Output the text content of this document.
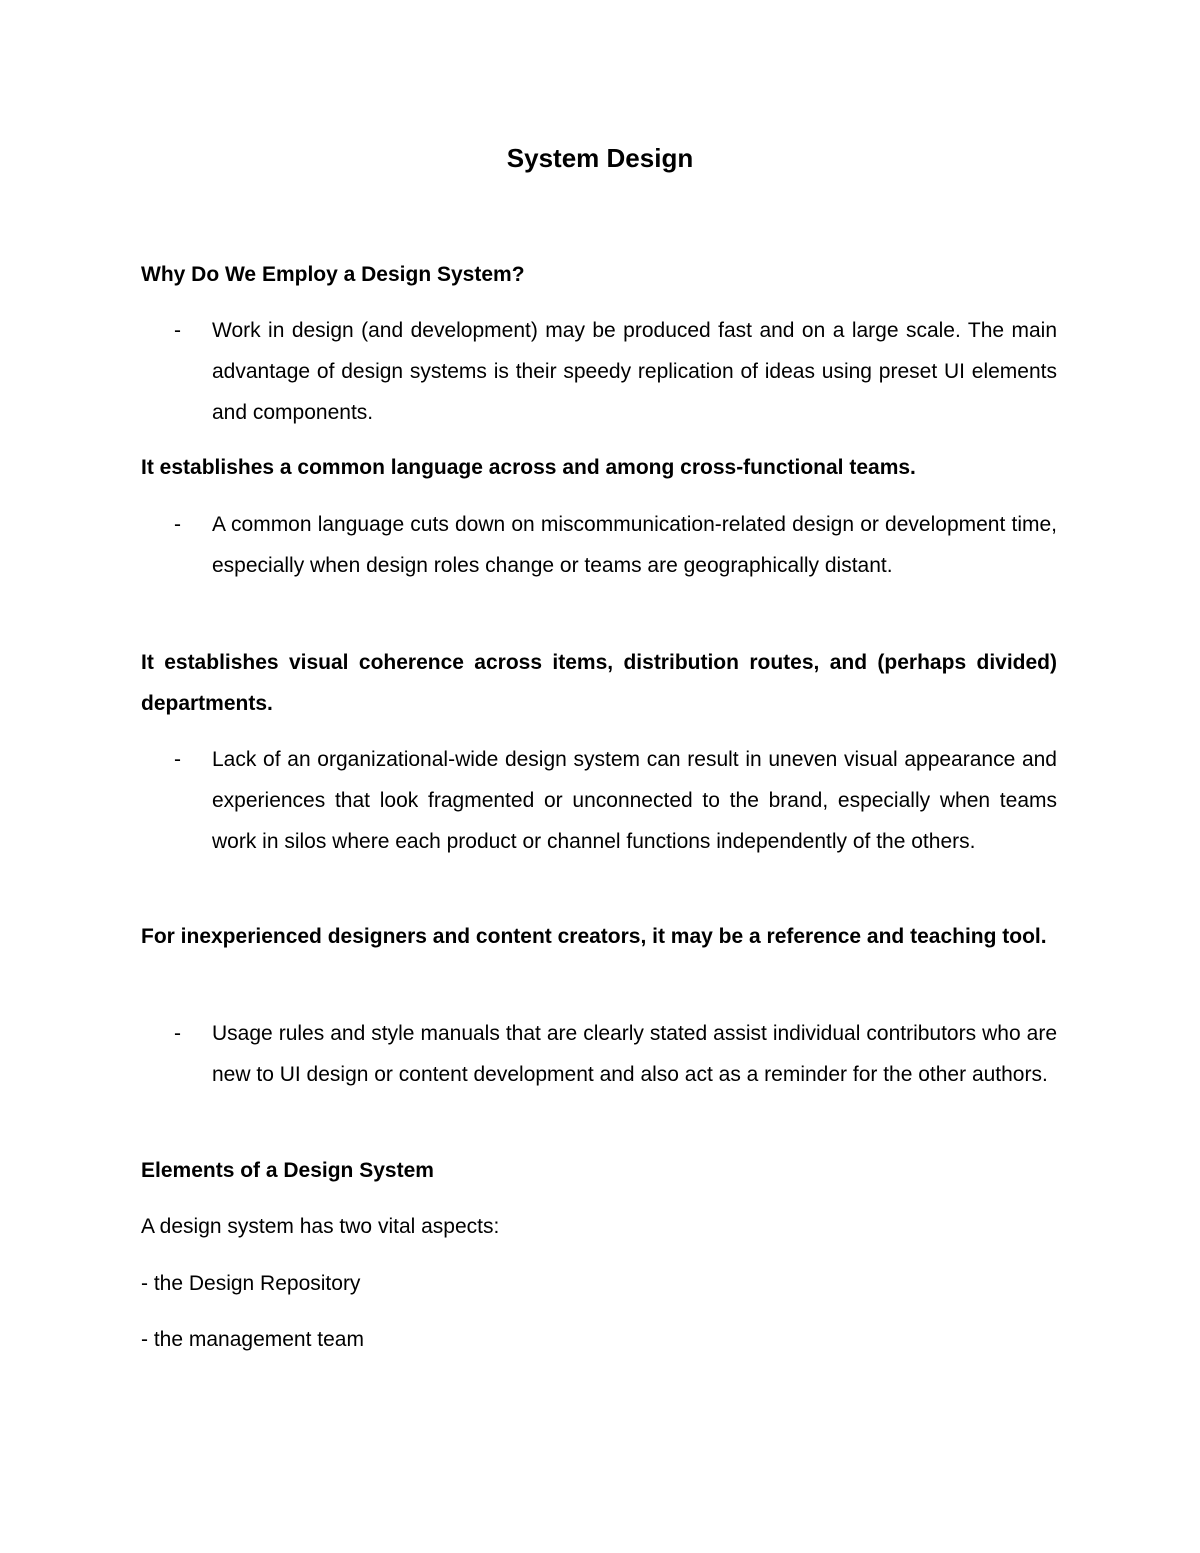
System Design
Why Do We Employ a Design System?
- Work in design (and development) may be produced fast and on a large scale. The main advantage of design systems is their speedy replication of ideas using preset UI elements and components.
It establishes a common language across and among cross-functional teams.
- A common language cuts down on miscommunication-related design or development time, especially when design roles change or teams are geographically distant.
It establishes visual coherence across items, distribution routes, and (perhaps divided) departments.
- Lack of an organizational-wide design system can result in uneven visual appearance and experiences that look fragmented or unconnected to the brand, especially when teams work in silos where each product or channel functions independently of the others.
For inexperienced designers and content creators, it may be a reference and teaching tool.
- Usage rules and style manuals that are clearly stated assist individual contributors who are new to UI design or content development and also act as a reminder for the other authors.
Elements of a Design System
A design system has two vital aspects:
- the Design Repository
- the management team
